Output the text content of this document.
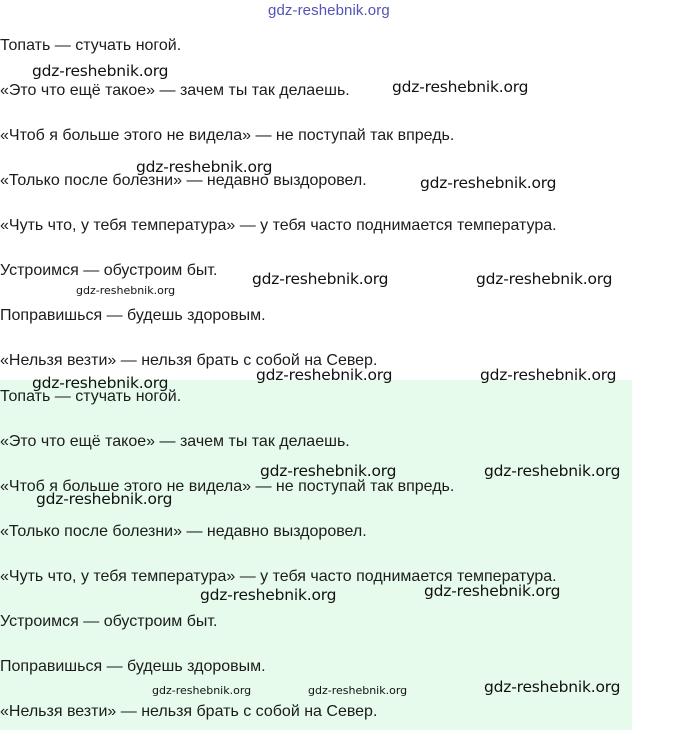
gdz-reshebnik.org
Топать — стучать ногой.
«Это что ещё такое» — зачем ты так делаешь.
«Чтоб я больше этого не видела» — не поступай так впредь.
«Только после болезни» — недавно выздоровел.
«Чуть что, у тебя температура» — у тебя часто поднимается температура.
Устроимся — обустроим быт.
Поправишься — будешь здоровым.
«Нельзя везти» — нельзя брать с собой на Север.
Топать — стучать ногой.
«Это что ещё такое» — зачем ты так делаешь.
«Чтоб я больше этого не видела» — не поступай так впредь.
«Только после болезни» — недавно выздоровел.
«Чуть что, у тебя температура» — у тебя часто поднимается температура.
Устроимся — обустроим быт.
Поправишься — будешь здоровым.
«Нельзя везти» — нельзя брать с собой на Север.
gdz-reshebnik.org
gdz-reshebnik.org
gdz-reshebnik.org
gdz-reshebnik.org
gdz-reshebnik.org	gdz-reshebnik.org
gdz-reshebnik.org
gdz-reshebnik.org	gdz-reshebnik.org
gdz-reshebnik.org
gdz-reshebnik.org	gdz-reshebnik.org
gdz-reshebnik.org
gdz-reshebnik.org
gdz-reshebnik.org
gdz-reshebnik.org	gdz-reshebnik.org	gdz-reshebnik.org
